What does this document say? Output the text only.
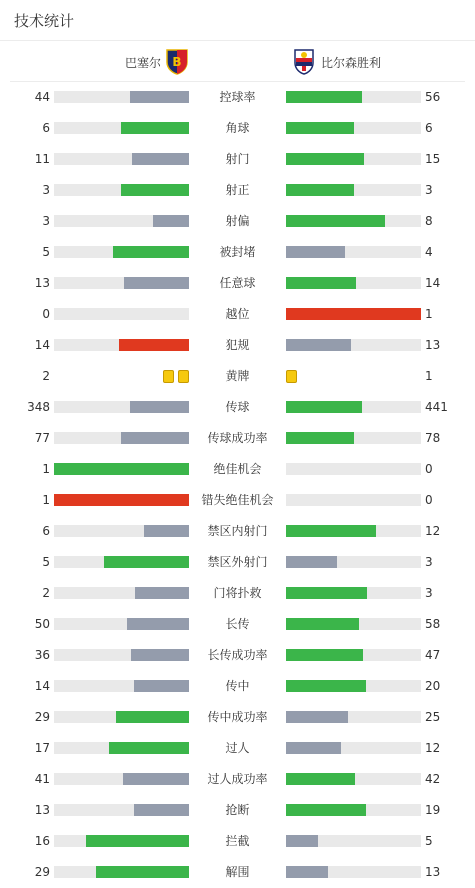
技术统计
巴塞尔 B	比尔森胜利
44	控球率	56
6	角球	6
11	射门	15
3	射正	3
3	射偏	8
5	被封堵	4
13	任意球	14
0	越位	1
14	犯规	13
2	黄牌	1
348	传球	441
77	传球成功率	78
1	绝佳机会	0
1	错失绝佳机会	0
6	禁区内射门	12
5	禁区外射门	3
2	门将扑救	3
50	长传	58
36	长传成功率	47
14	传中	20
29	传中成功率	25
17	过人	12
41	过人成功率	42
13	抢断	19
16	拦截	5
29	解围	13
